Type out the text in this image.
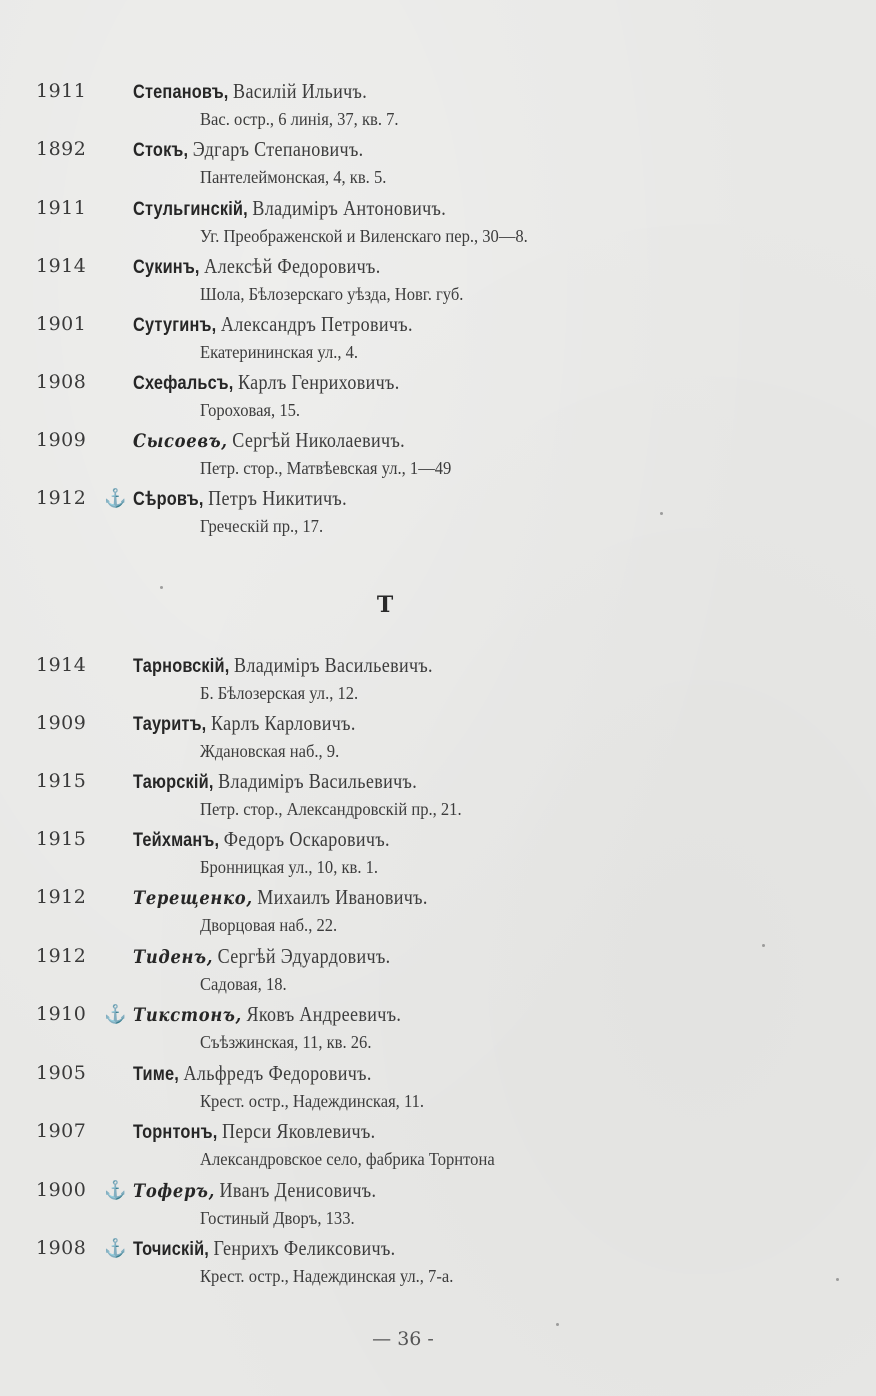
1911	Степановъ, Василій Ильичъ.
Вас. остр., 6 линія, 37, кв. 7.
1892	Стокъ, Эдгаръ Степановичъ.
Пантелеймонская, 4, кв. 5.
1911	Стульгинскій, Владиміръ Антоновичъ.
Уг. Преображенской и Виленскаго пер., 30—8.
1914	Сукинъ, Алексѣй Федоровичъ.
Шола, Бѣлозерскаго уѣзда, Новг. губ.
1901	Сутугинъ, Александръ Петровичъ.
Екатерининская ул., 4.
1908	Схефальсъ, Карлъ Генриховичъ.
Гороховая, 15.
1909	Сысоевъ, Сергѣй Николаевичъ.
Петр. стор., Матвѣевская ул., 1—49
1912 ⚓ Сѣровъ, Петръ Никитичъ.
Греческій пр., 17.
Т
1914	Тарновскій, Владиміръ Васильевичъ.
Б. Бѣлозерская ул., 12.
1909	Тауритъ, Карлъ Карловичъ.
Ждановская наб., 9.
1915	Таюрскій, Владиміръ Васильевичъ.
Петр. стор., Александровскій пр., 21.
1915	Тейхманъ, Федоръ Оскаровичъ.
Бронницкая ул., 10, кв. 1.
1912	Терещенко, Михаилъ Ивановичъ.
Дворцовая наб., 22.
1912	Тиденъ, Сергѣй Эдуардовичъ.
Садовая, 18.
1910 ⚓ Тикстонъ, Яковъ Андреевичъ.
Съѣзжинская, 11, кв. 26.
1905	Тиме, Альфредъ Федоровичъ.
Крест. остр., Надеждинская, 11.
1907	Торнтонъ, Перси Яковлевичъ.
Александровское село, фабрика Торнтона
1900 ⚓ Тоферъ, Иванъ Денисовичъ.
Гостиный Дворъ, 133.
1908 ⚓ Точискій, Генрихъ Феликсовичъ.
Крест. остр., Надеждинская ул., 7-а.
— 36 -
